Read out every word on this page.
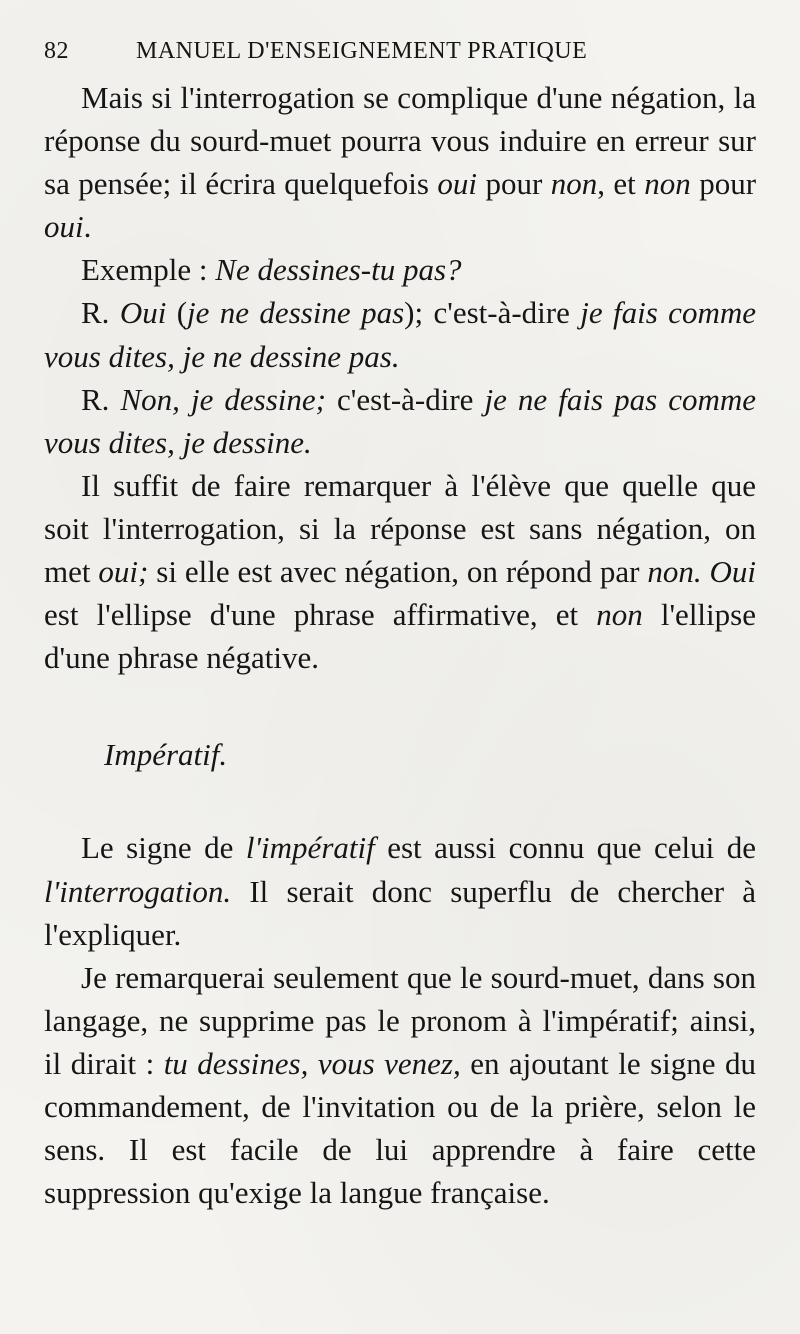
82	MANUEL D'ENSEIGNEMENT PRATIQUE

Mais si l'interrogation se complique d'une négation, la réponse du sourd-muet pourra vous induire en erreur sur sa pensée; il écrira quelquefois oui pour non, et non pour oui.

Exemple : Ne dessines-tu pas?

R. Oui (je ne dessine pas); c'est-à-dire je fais comme vous dites, je ne dessine pas.

R. Non, je dessine; c'est-à-dire je ne fais pas comme vous dites, je dessine.

Il suffit de faire remarquer à l'élève que quelle que soit l'interrogation, si la réponse est sans négation, on met oui; si elle est avec négation, on répond par non. Oui est l'ellipse d'une phrase affirmative, et non l'ellipse d'une phrase négative.

Impératif.

Le signe de l'impératif est aussi connu que celui de l'interrogation. Il serait donc superflu de chercher à l'expliquer.

Je remarquerai seulement que le sourd-muet, dans son langage, ne supprime pas le pronom à l'impératif; ainsi, il dirait : tu dessines, vous venez, en ajoutant le signe du commandement, de l'invitation ou de la prière, selon le sens. Il est facile de lui apprendre à faire cette suppression qu'exige la langue française.
